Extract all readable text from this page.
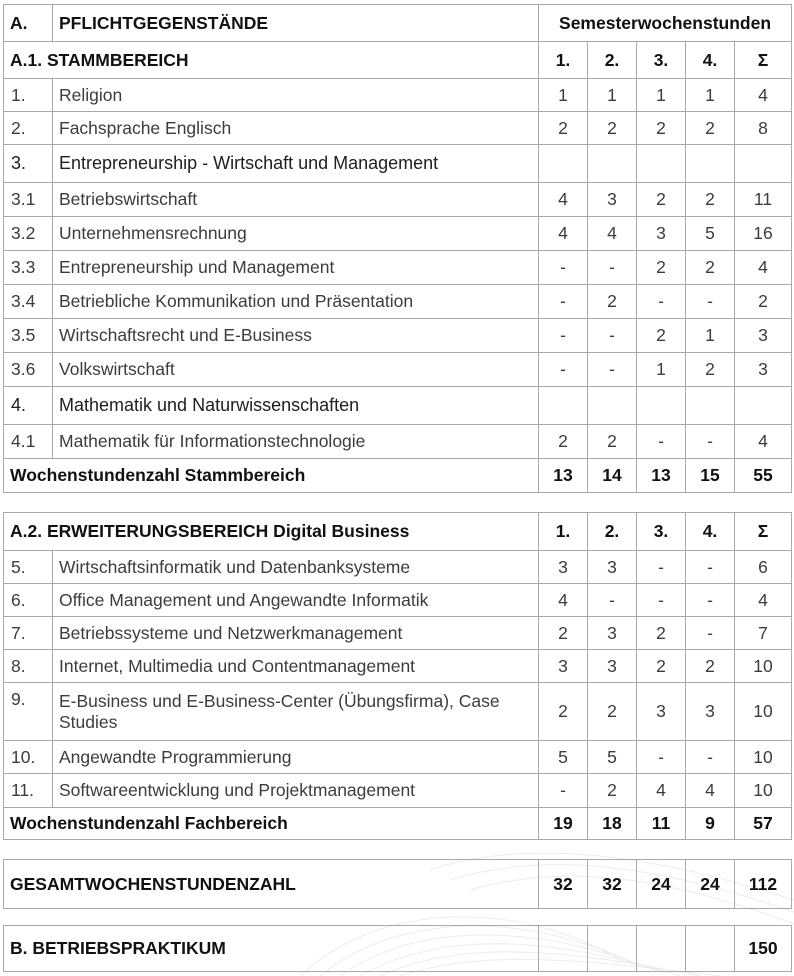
A.	PFLICHTGEGENSTÄNDE	Semesterwochenstunden				
A.1. STAMMBEREICH		1.	2.	3.	4.	Σ
1.	Religion	1	1	1	1	4
2.	Fachsprache Englisch	2	2	2	2	8
3.	Entrepreneurship - Wirtschaft und Management					
3.1	Betriebswirtschaft	4	3	2	2	11
3.2	Unternehmensrechnung	4	4	3	5	16
3.3	Entrepreneurship und Management	-	-	2	2	4
3.4	Betriebliche Kommunikation und Präsentation	-	2	-	-	2
3.5	Wirtschaftsrecht und E-Business	-	-	2	1	3
3.6	Volkswirtschaft	-	-	1	2	3
4.	Mathematik und Naturwissenschaften					
4.1	Mathematik für Informationstechnologie	2	2	-	-	4
Wochenstundenzahl Stammbereich		13	14	13	15	55
A.2. ERWEITERUNGSBEREICH Digital Business		1.	2.	3.	4.	Σ
5.	Wirtschaftsinformatik und Datenbanksysteme	3	3	-	-	6
6.	Office Management und Angewandte Informatik	4	-	-	-	4
7.	Betriebssysteme und Netzwerkmanagement	2	3	2	-	7
8.	Internet, Multimedia und Contentmanagement	3	3	2	2	10
9.	E-Business und E-Business-Center (Übungsfirma), Case Studies	2	2	3	3	10
10.	Angewandte Programmierung	5	5	-	-	10
11.	Softwareentwicklung und Projektmanagement	-	2	4	4	10
Wochenstundenzahl Fachbereich		19	18	11	9	57
GESAMTWOCHENSTUNDENZAHL	32	32	24	24	112
B. BETRIEBSPRAKTIKUM					150
